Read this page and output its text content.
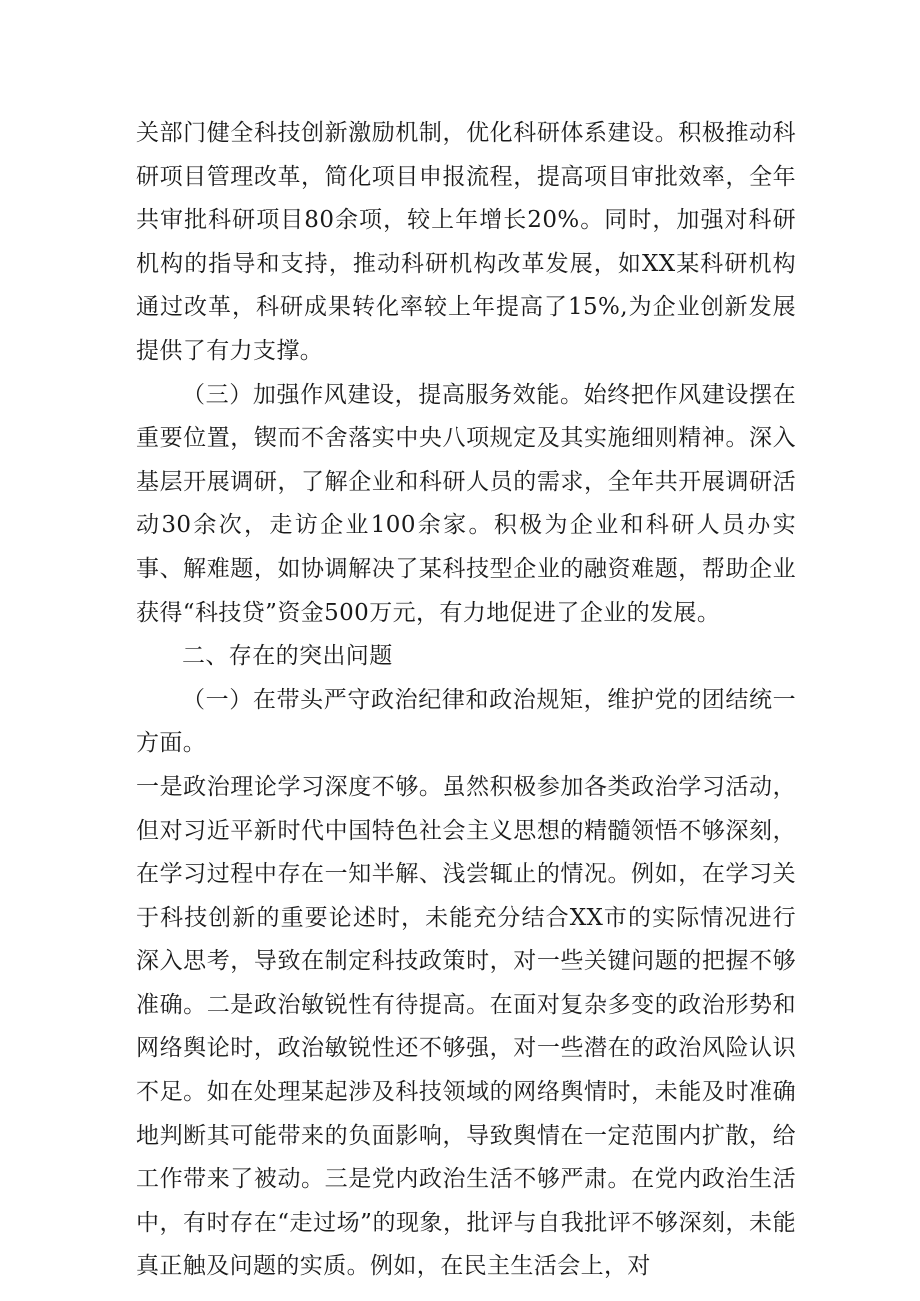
关部门健全科技创新激励机制，优化科研体系建设。积极推动科研项目管理改革，简化项目申报流程，提高项目审批效率，全年共审批科研项目80余项，较上年增长20%。同时，加强对科研机构的指导和支持，推动科研机构改革发展，如XX某科研机构通过改革，科研成果转化率较上年提高了15%,为企业创新发展提供了有力支撑。

（三）加强作风建设，提高服务效能。始终把作风建设摆在重要位置，锲而不舍落实中央八项规定及其实施细则精神。深入基层开展调研，了解企业和科研人员的需求，全年共开展调研活动30余次，走访企业100余家。积极为企业和科研人员办实事、解难题，如协调解决了某科技型企业的融资难题，帮助企业获得“科技贷”资金500万元，有力地促进了企业的发展。

二、存在的突出问题

（一）在带头严守政治纪律和政治规矩，维护党的团结统一方面。

一是政治理论学习深度不够。虽然积极参加各类政治学习活动，但对习近平新时代中国特色社会主义思想的精髓领悟不够深刻，在学习过程中存在一知半解、浅尝辄止的情况。例如，在学习关于科技创新的重要论述时，未能充分结合XX市的实际情况进行深入思考，导致在制定科技政策时，对一些关键问题的把握不够准确。二是政治敏锐性有待提高。在面对复杂多变的政治形势和网络舆论时，政治敏锐性还不够强，对一些潜在的政治风险认识不足。如在处理某起涉及科技领域的网络舆情时，未能及时准确地判断其可能带来的负面影响，导致舆情在一定范围内扩散，给工作带来了被动。三是党内政治生活不够严肃。在党内政治生活中，有时存在“走过场”的现象，批评与自我批评不够深刻，未能真正触及问题的实质。例如，在民主生活会上，对
